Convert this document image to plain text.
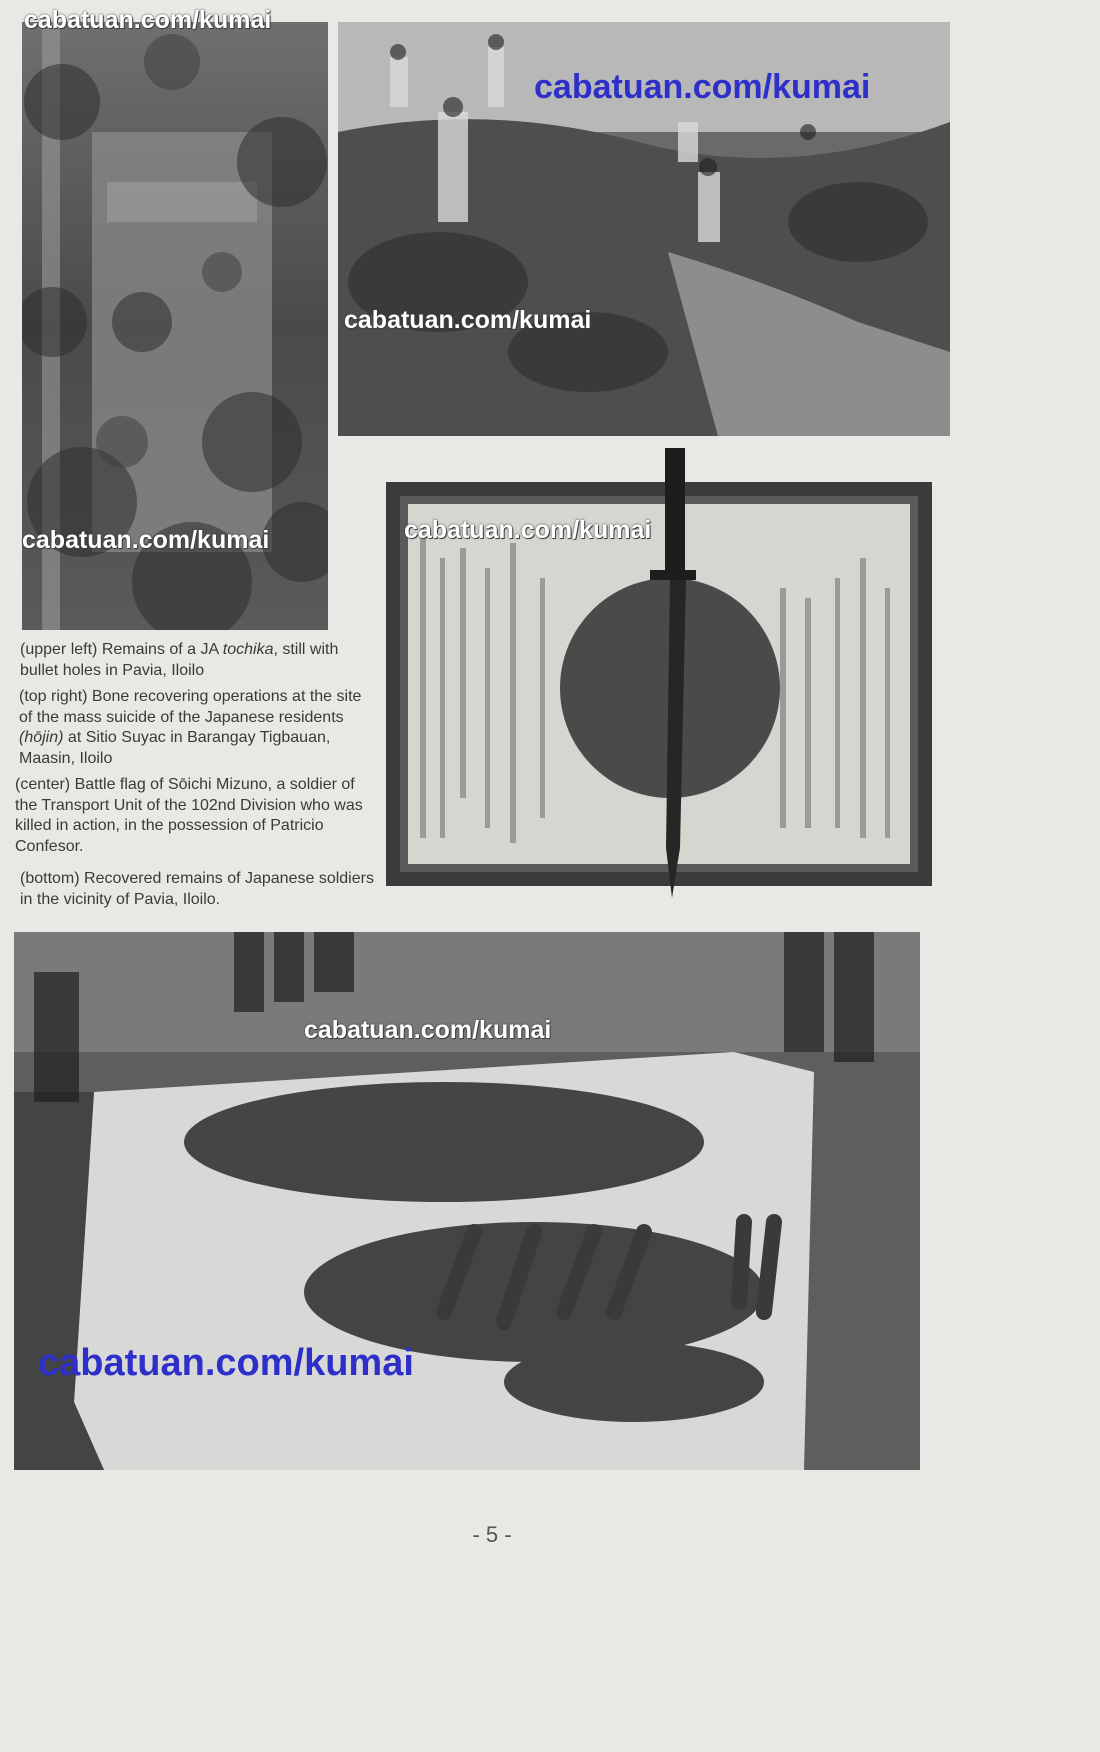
cabatuan.com/kumai
cabatuan.com/kumai
cabatuan.com/kumai
cabatuan.com/kumai
cabatuan.com/kumai

(upper left) Remains of a JA tochika, still with bullet holes in Pavia, Iloilo

(top right) Bone recovering operations at the site of the mass suicide of the Japanese residents (hōjin) at Sitio Suyac in Barangay Tigbauan, Maasin, Iloilo

(center) Battle flag of Sōichi Mizuno, a soldier of the Transport Unit of the 102nd Division who was killed in action, in the possession of Patricio Confesor.

(bottom) Recovered remains of Japanese soldiers in the vicinity of Pavia, Iloilo.

cabatuan.com/kumai
cabatuan.com/kumai
- 5 -
